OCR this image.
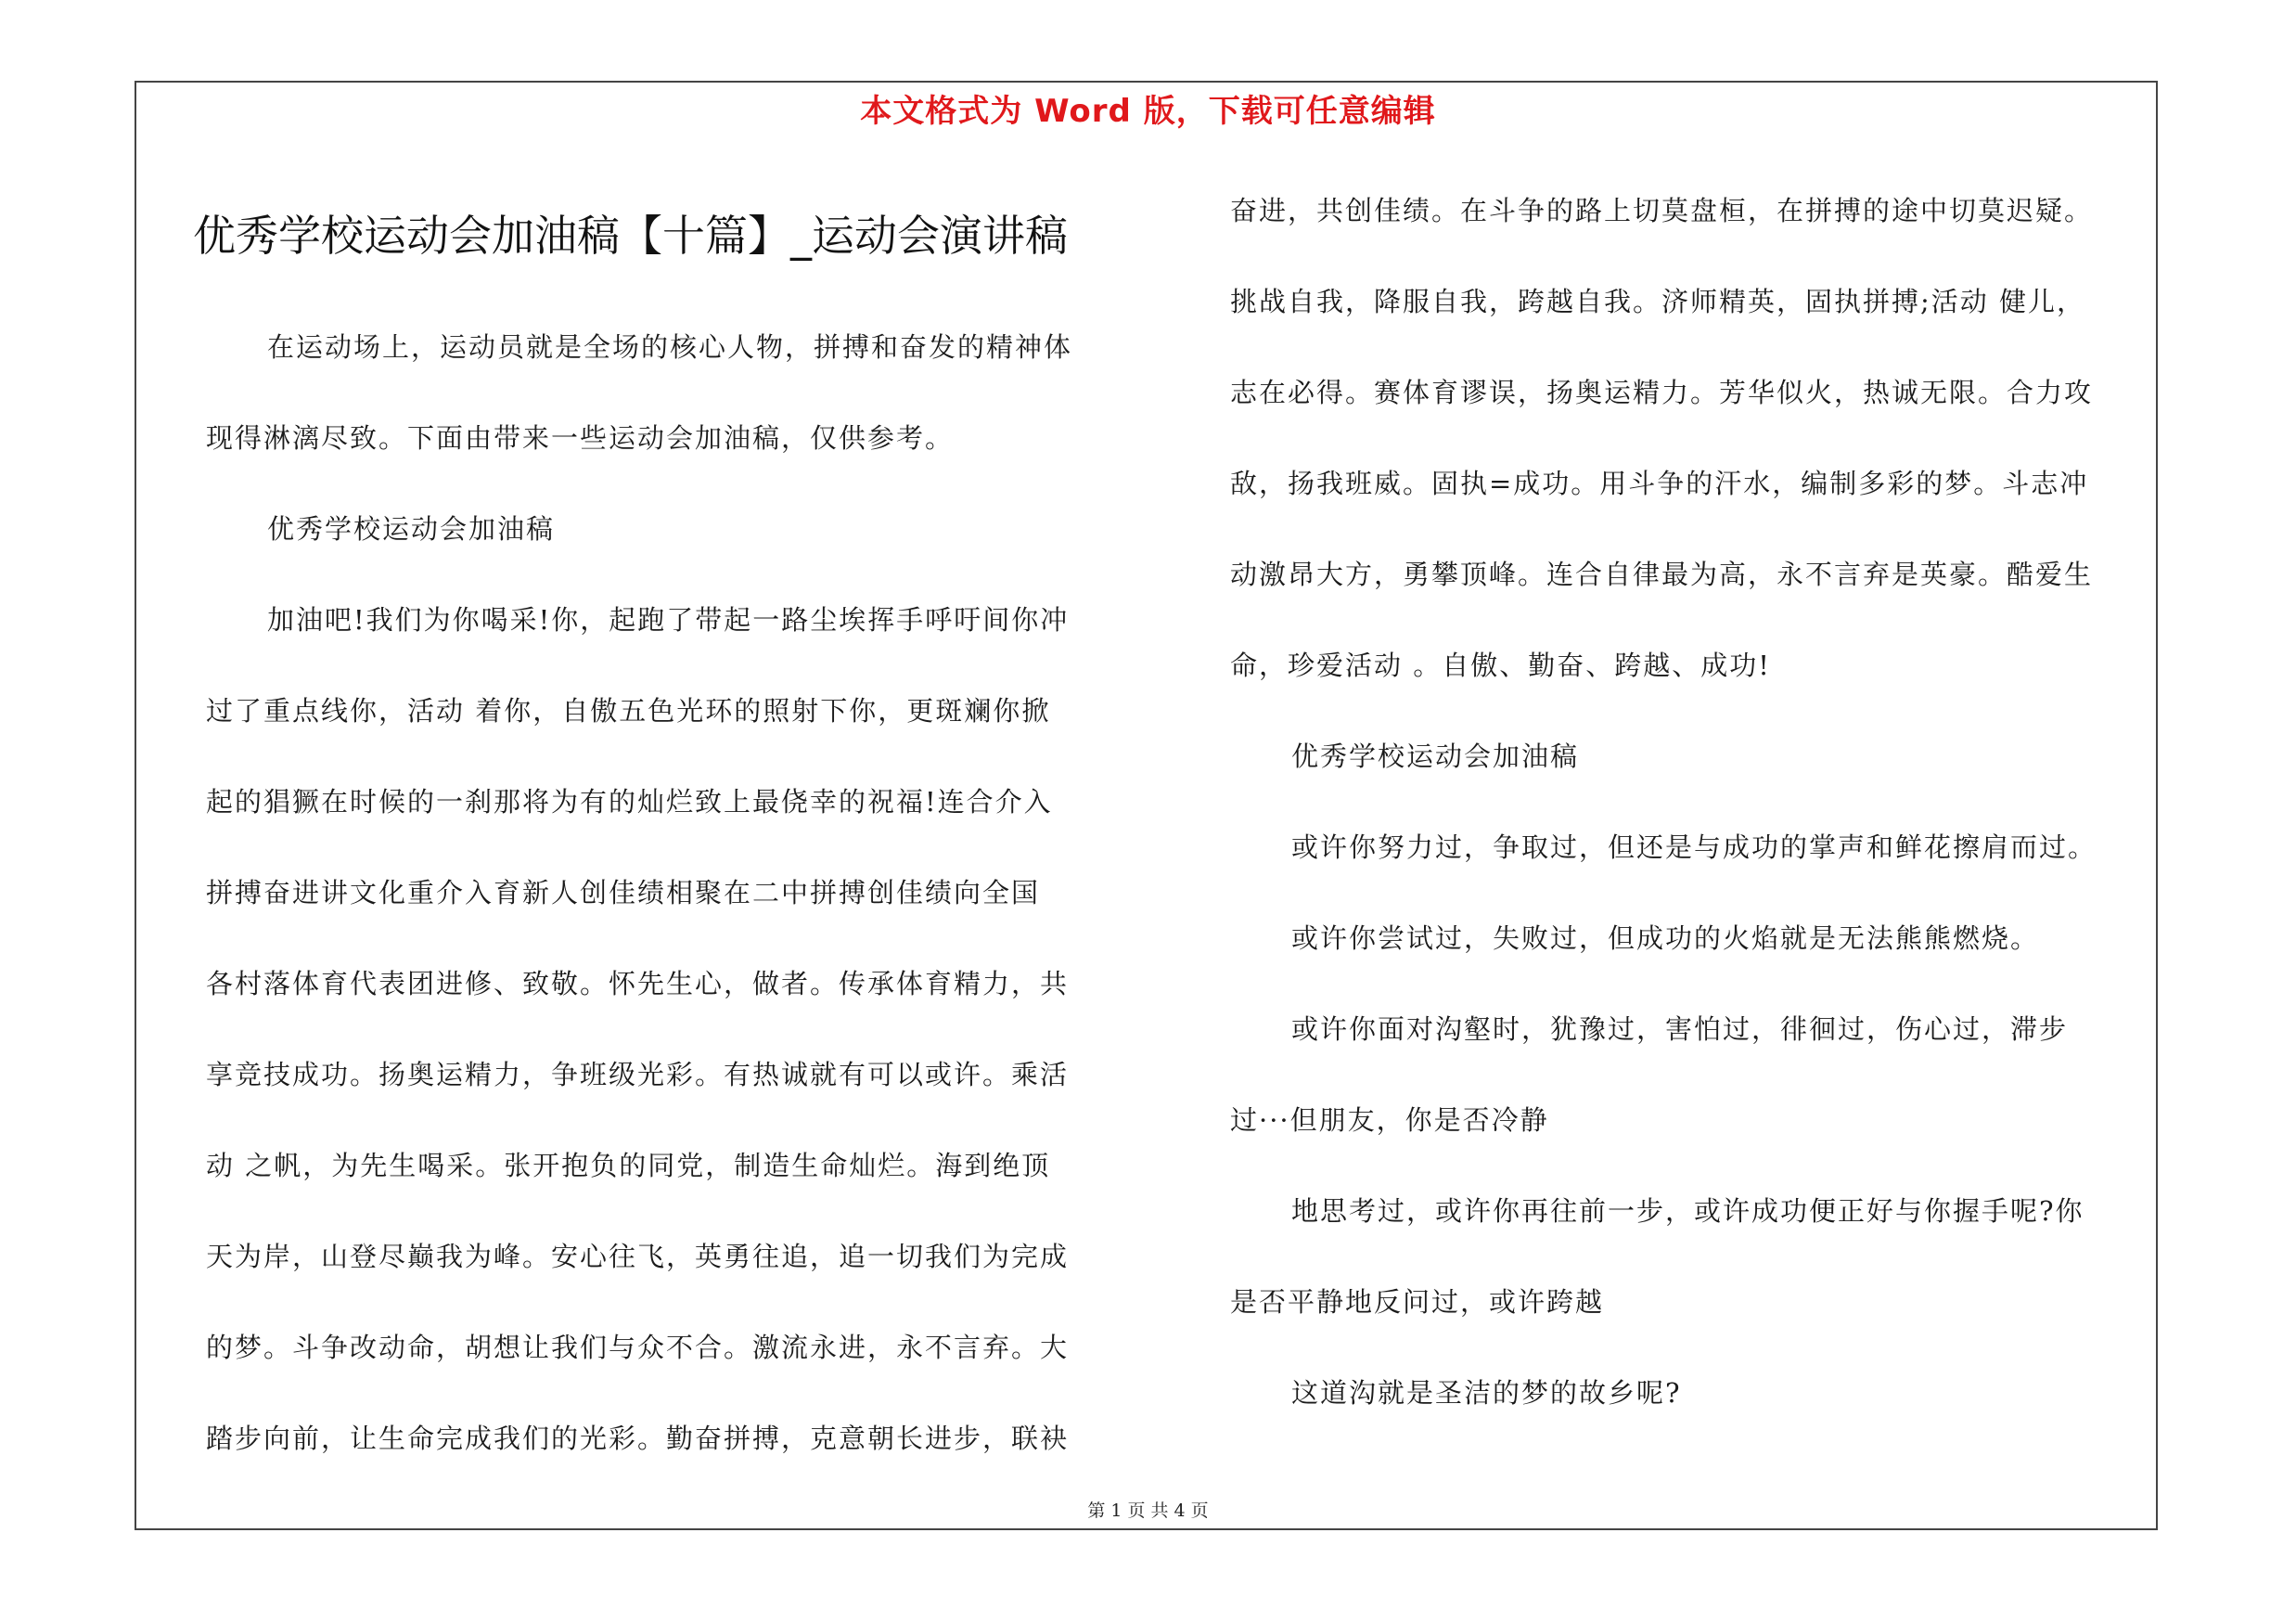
本文格式为 Word 版，下载可任意编辑
优秀学校运动会加油稿【十篇】_运动会演讲稿
在运动场上，运动员就是全场的核心人物，拼搏和奋发的精神体
现得淋漓尽致。下面由带来一些运动会加油稿，仅供参考。
优秀学校运动会加油稿
加油吧!我们为你喝采!你，起跑了带起一路尘埃挥手呼吁间你冲
过了重点线你，活动 着你，自傲五色光环的照射下你，更斑斓你掀
起的猖獗在时候的一刹那将为有的灿烂致上最侥幸的祝福!连合介入
拼搏奋进讲文化重介入育新人创佳绩相聚在二中拼搏创佳绩向全国
各村落体育代表团进修、致敬。怀先生心，做者。传承体育精力，共
享竞技成功。扬奥运精力，争班级光彩。有热诚就有可以或许。乘活
动 之帆，为先生喝采。张开抱负的同党，制造生命灿烂。海到绝顶
天为岸，山登尽巅我为峰。安心往飞，英勇往追，追一切我们为完成
的梦。斗争改动命，胡想让我们与众不合。激流永进，永不言弃。大
踏步向前，让生命完成我们的光彩。勤奋拼搏，克意朝长进步，联袂
奋进，共创佳绩。在斗争的路上切莫盘桓，在拼搏的途中切莫迟疑。
挑战自我，降服自我，跨越自我。济师精英，固执拼搏;活动 健儿，
志在必得。赛体育谬误，扬奥运精力。芳华似火，热诚无限。合力攻
敌，扬我班威。固执=成功。用斗争的汗水，编制多彩的梦。斗志冲
动激昂大方，勇攀顶峰。连合自律最为高，永不言弃是英豪。酷爱生
命，珍爱活动 。自傲、勤奋、跨越、成功!
优秀学校运动会加油稿
或许你努力过，争取过，但还是与成功的掌声和鲜花擦肩而过。
或许你尝试过，失败过，但成功的火焰就是无法熊熊燃烧。
或许你面对沟壑时，犹豫过，害怕过，徘徊过，伤心过，滞步
过···但朋友，你是否冷静
地思考过，或许你再往前一步，或许成功便正好与你握手呢?你
是否平静地反问过，或许跨越
这道沟就是圣洁的梦的故乡呢?
第 1 页 共 4 页
